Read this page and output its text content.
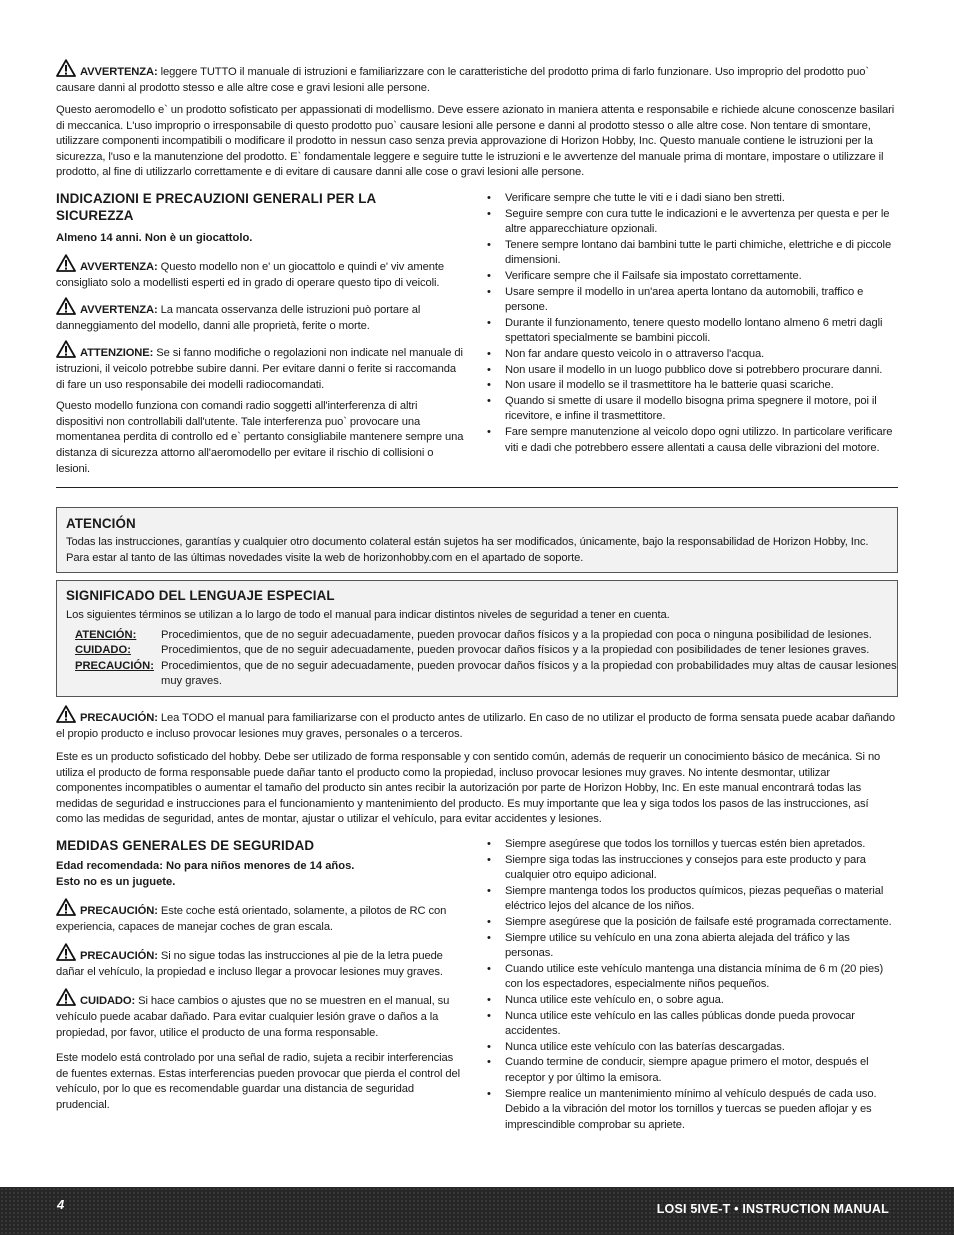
AVVERTENZA: leggere TUTTO il manuale di istruzioni e familiarizzare con le caratteristiche del prodotto prima di farlo funzionare. Uso improprio del prodotto puo` causare danni al prodotto stesso e alle altre cose e gravi lesioni alle persone.

Questo aeromodello e` un prodotto sofisticato per appassionati di modellismo. Deve essere azionato in maniera attenta e responsabile e richiede alcune conoscenze basilari di meccanica. L'uso improprio o irresponsabile di questo prodotto puo` causare lesioni alle persone e danni al prodotto stesso o alle altre cose. Non tentare di smontare, utilizzare componenti incompatibili o modificare il prodotto in nessun caso senza previa approvazione di Horizon Hobby, Inc. Questo manuale contiene le istruzioni per la sicurezza, l'uso e la manutenzione del prodotto. E` fondamentale leggere e seguire tutte le istruzioni e le avvertenze del manuale prima di montare, impostare o utilizzare il prodotto, al fine di utilizzarlo correttamente e di evitare di causare danni alle cose o gravi lesioni alle persone.

INDICAZIONI E PRECAUZIONI GENERALI PER LA SICUREZZA
Almeno 14 anni. Non è un giocattolo.

AVVERTENZA: Questo modello non e' un giocattolo e quindi e' viv amente consigliato solo a modellisti esperti ed in grado di operare questo tipo di veicoli.

AVVERTENZA: La mancata osservanza delle istruzioni può portare al danneggiamento del modello, danni alle proprietà, ferite o morte.

ATTENZIONE: Se si fanno modifiche o regolazioni non indicate nel manuale di istruzioni, il veicolo potrebbe subire danni. Per evitare danni o ferite si raccomanda di fare un uso responsabile dei modelli radiocomandati.

Questo modello funziona con comandi radio soggetti all'interferenza di altri dispositivi non controllabili dall'utente. Tale interferenza puo` provocare una momentanea perdita di controllo ed e` pertanto consigliabile mantenere sempre una distanza di sicurezza attorno all'aeromodello per evitare il rischio di collisioni o lesioni.

• Verificare sempre che tutte le viti e i dadi siano ben stretti.
• Seguire sempre con cura tutte le indicazioni e le avvertenza per questa e per le altre apparecchiature opzionali.
• Tenere sempre lontano dai bambini tutte le parti chimiche, elettriche e di piccole dimensioni.
• Verificare sempre che il Failsafe sia impostato correttamente.
• Usare sempre il modello in un'area aperta lontano da automobili, traffico e persone.
• Durante il funzionamento, tenere questo modello lontano almeno 6 metri dagli spettatori specialmente se bambini piccoli.
• Non far andare questo veicolo in o attraverso l'acqua.
• Non usare il modello in un luogo pubblico dove si potrebbero procurare danni.
• Non usare il modello se il trasmettitore ha le batterie quasi scariche.
• Quando si smette di usare il modello bisogna prima spegnere il motore, poi il ricevitore, e infine il trasmettitore.
• Fare sempre manutenzione al veicolo dopo ogni utilizzo. In particolare verificare viti e dadi che potrebbero essere allentati a causa delle vibrazioni del motore.
ATENCIÓN

Todas las instrucciones, garantías y cualquier otro documento colateral están sujetos ha ser modificados, únicamente, bajo la responsabilidad de Horizon Hobby, Inc. Para estar al tanto de las últimas novedades visite la web de horizonhobby.com en el apartado de soporte.

SIGNIFICADO DEL LENGUAJE ESPECIAL

Los siguientes términos se utilizan a lo largo de todo el manual para indicar distintos niveles de seguridad a tener en cuenta.

ATENCIÓN:	Procedimientos, que de no seguir adecuadamente, pueden provocar daños físicos y a la propiedad con poca o ninguna posibilidad de lesiones.
CUIDADO:	Procedimientos, que de no seguir adecuadamente, pueden provocar daños físicos y a la propiedad con posibilidades de tener lesiones graves.
PRECAUCIÓN: Procedimientos, que de no seguir adecuadamente, pueden provocar daños físicos y a la propiedad con probabilidades muy altas de causar lesiones muy graves.

PRECAUCIÓN: Lea TODO el manual para familiarizarse con el producto antes de utilizarlo. En caso de no utilizar el producto de forma sensata puede acabar dañando el propio producto e incluso provocar lesiones muy graves, personales o a terceros.

Este es un producto sofisticado del hobby. Debe ser utilizado de forma responsable y con sentido común, además de requerir un conocimiento básico de mecánica. Si no utiliza el producto de forma responsable puede dañar tanto el producto como la propiedad, incluso provocar lesiones muy graves. No intente desmontar, utilizar componentes incompatibles o aumentar el tamaño del producto sin antes recibir la autorización por parte de Horizon Hobby, Inc. En este manual encontrará todas las medidas de seguridad e instrucciones para el funcionamiento y mantenimiento del producto. Es muy importante que lea y siga todos los pasos de las instrucciones, así como las medidas de seguridad, antes de montar, ajustar o utilizar el vehículo, para evitar accidentes y lesiones.

MEDIDAS GENERALES DE SEGURIDAD
Edad recomendada: No para niños menores de 14 años.
Esto no es un juguete.

PRECAUCIÓN: Este coche está orientado, solamente, a pilotos de RC con experiencia, capaces de manejar coches de gran escala.

PRECAUCIÓN: Si no sigue todas las instrucciones al pie de la letra puede dañar el vehículo, la propiedad e incluso llegar a provocar lesiones muy graves.

CUIDADO: Si hace cambios o ajustes que no se muestren en el manual, su vehículo puede acabar dañado. Para evitar cualquier lesión grave o daños a la propiedad, por favor, utilice el producto de una forma responsable.

Este modelo está controlado por una señal de radio, sujeta a recibir interferencias de fuentes externas. Estas interferencias pueden provocar que pierda el control del vehículo, por lo que es recomendable guardar una distancia de seguridad prudencial.

• Siempre asegúrese que todos los tornillos y tuercas estén bien apretados.
• Siempre siga todas las instrucciones y consejos para este producto y para cualquier otro equipo adicional.
• Siempre mantenga todos los productos químicos, piezas pequeñas o material eléctrico lejos del alcance de los niños.
• Siempre asegúrese que la posición de failsafe esté programada correctamente.
• Siempre utilice su vehículo en una zona abierta alejada del tráfico y las personas.
• Cuando utilice este vehículo mantenga una distancia mínima de 6 m (20 pies) con los espectadores, especialmente niños pequeños.
• Nunca utilice este vehículo en, o sobre agua.
• Nunca utilice este vehículo en las calles públicas donde pueda provocar accidentes.
• Nunca utilice este vehículo con las baterías descargadas.
• Cuando termine de conducir, siempre apague primero el motor, después el receptor y por último la emisora.
• Siempre realice un mantenimiento mínimo al vehículo después de cada uso. Debido a la vibración del motor los tornillos y tuercas se pueden aflojar y es imprescindible comprobar su apriete.
4	LOSI 5IVE-T • INSTRUCTION MANUAL
